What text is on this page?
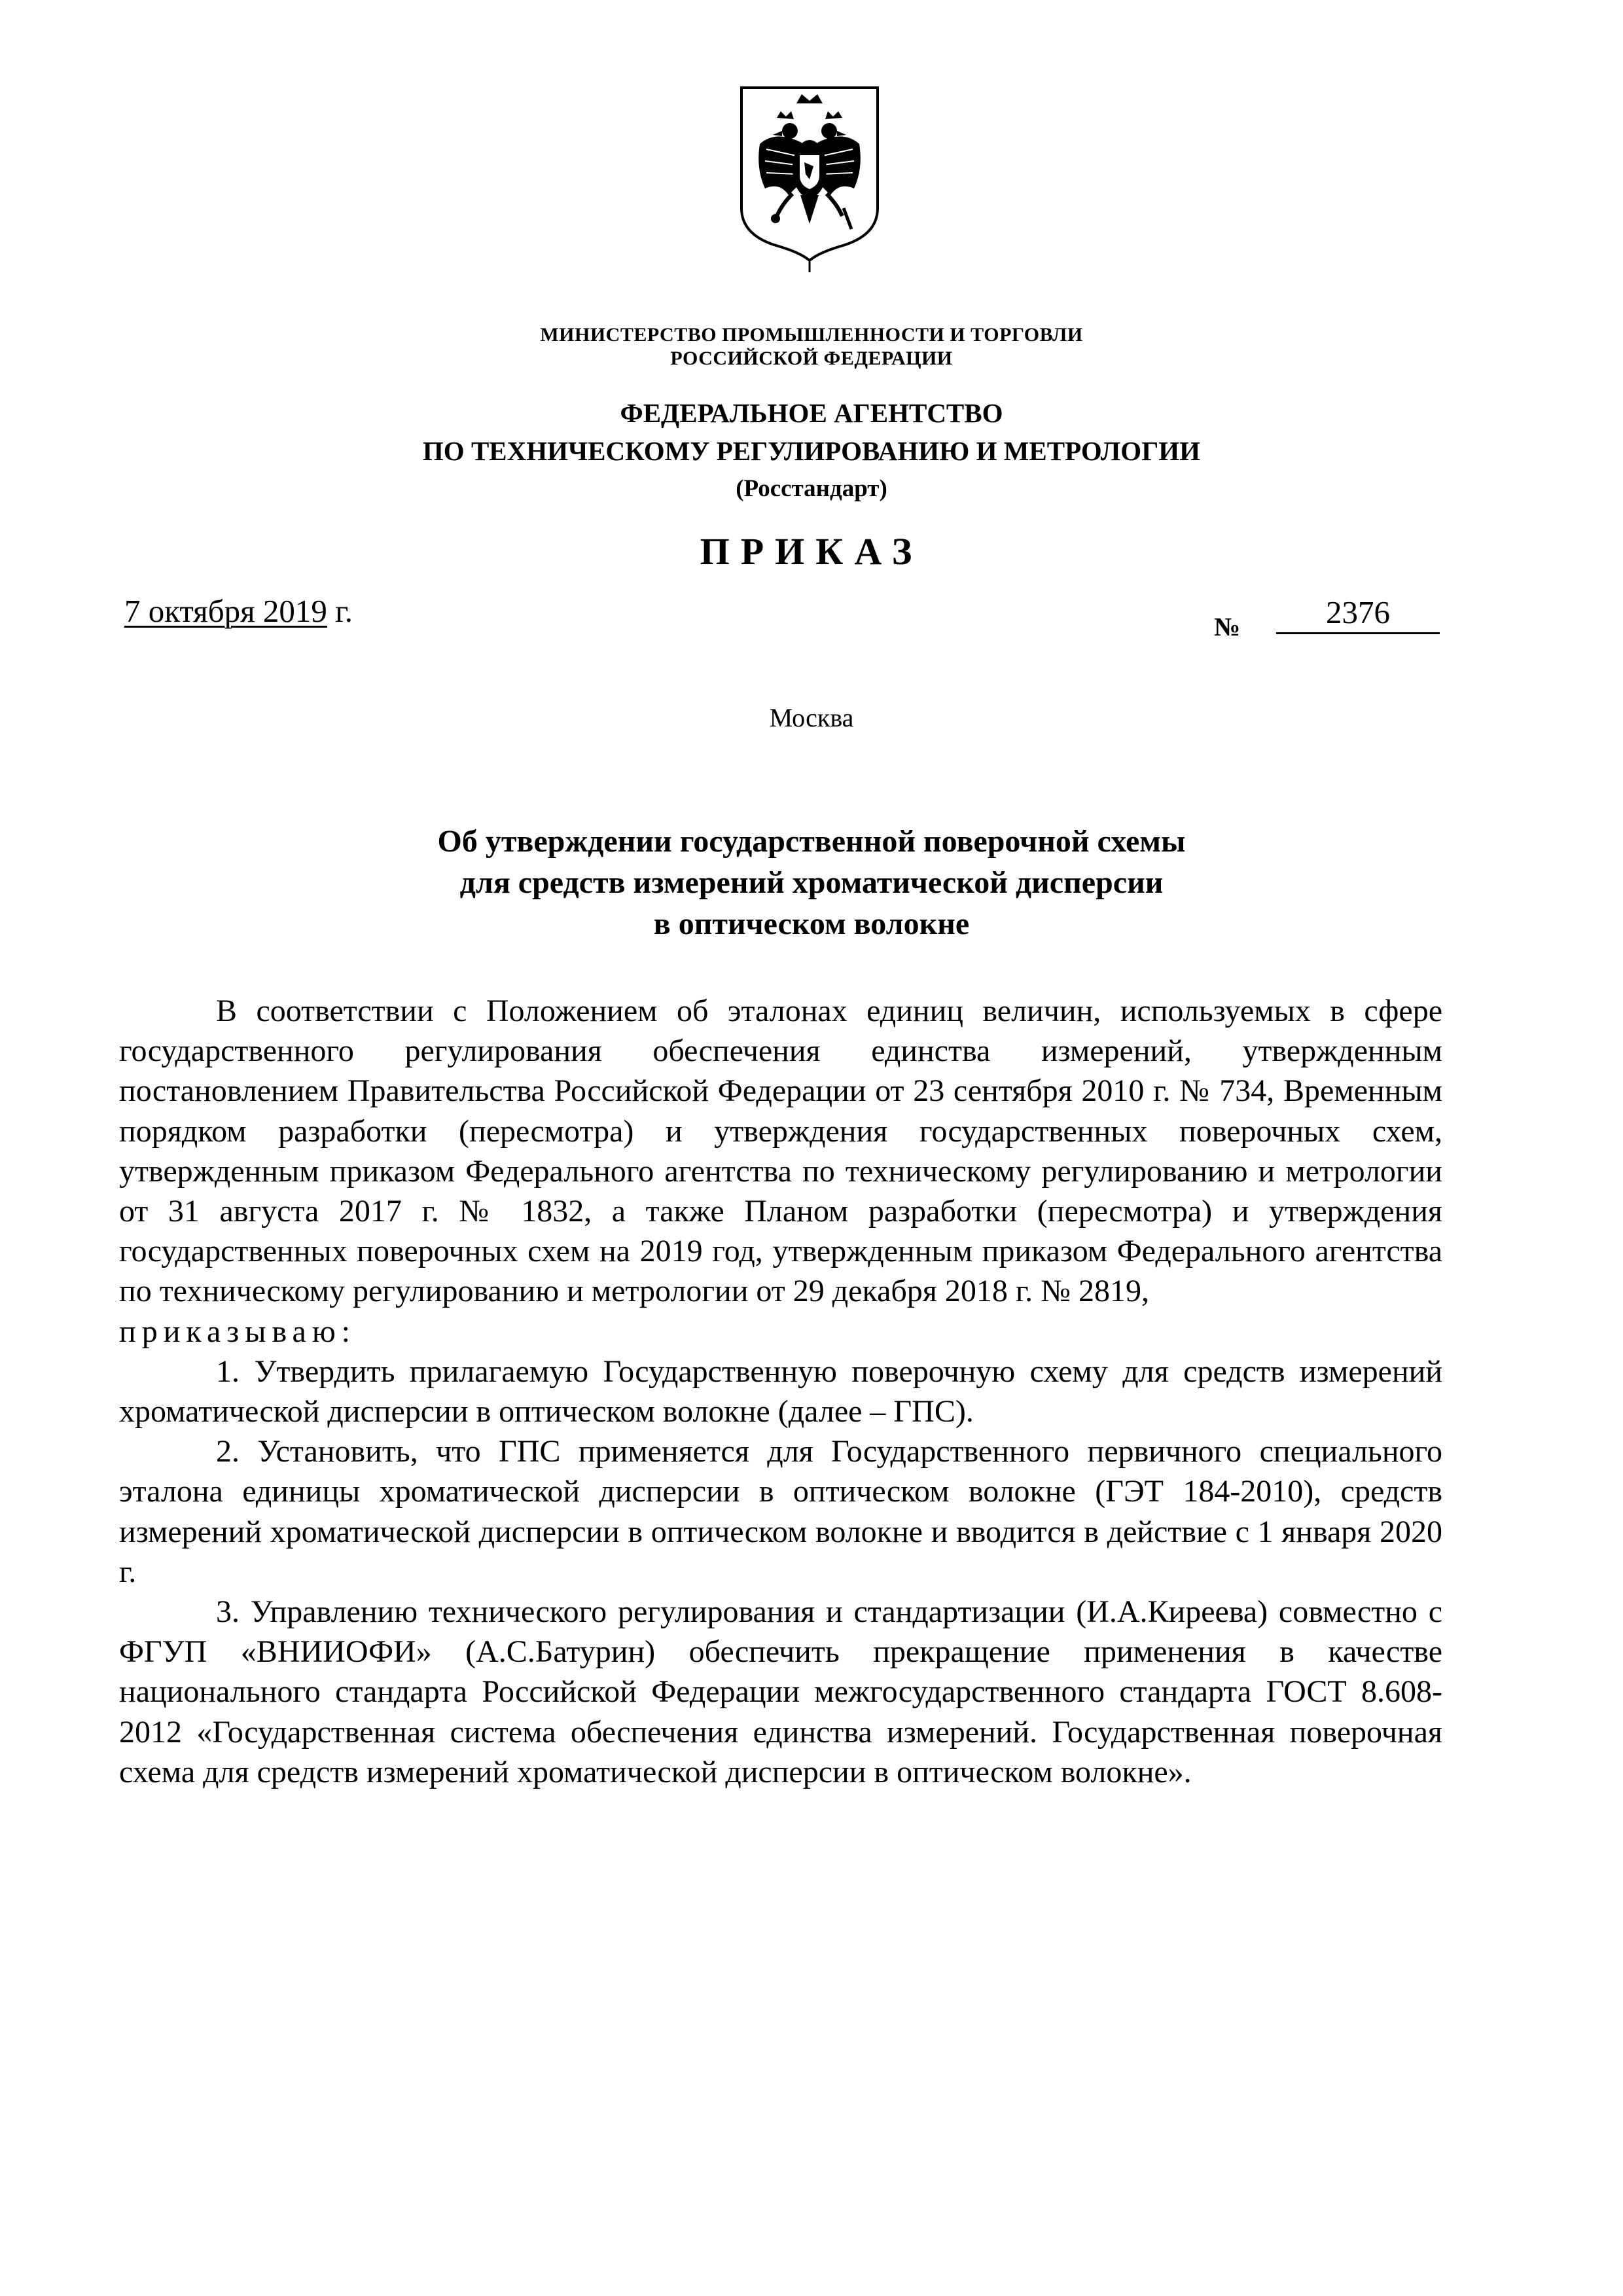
МИНИСТЕРСТВО ПРОМЫШЛЕННОСТИ И ТОРГОВЛИ
РОССИЙСКОЙ ФЕДЕРАЦИИ
ФЕДЕРАЛЬНОЕ АГЕНТСТВО
ПО ТЕХНИЧЕСКОМУ РЕГУЛИРОВАНИЮ И МЕТРОЛОГИИ
(Росстандарт)
ПРИКАЗ
7 октября 2019 г.	№	2376
Москва
Об утверждении государственной поверочной схемы
для средств измерений хроматической дисперсии
в оптическом волокне

В соответствии с Положением об эталонах единиц величин, используемых в сфере государственного регулирования обеспечения единства измерений, утвержденным постановлением Правительства Российской Федерации от 23 сентября 2010 г. № 734, Временным порядком разработки (пересмотра) и утверждения государственных поверочных схем, утвержденным приказом Федерального агентства по техническому регулированию и метрологии от 31 августа 2017 г. № 1832, а также Планом разработки (пересмотра) и утверждения государственных поверочных схем на 2019 год, утвержденным приказом Федерального агентства по техническому регулированию и метрологии от 29 декабря 2018 г. № 2819,

приказываю:

1. Утвердить прилагаемую Государственную поверочную схему для средств измерений хроматической дисперсии в оптическом волокне (далее – ГПС).

2. Установить, что ГПС применяется для Государственного первичного специального эталона единицы хроматической дисперсии в оптическом волокне (ГЭТ 184-2010), средств измерений хроматической дисперсии в оптическом волокне и вводится в действие с 1 января 2020 г.

3. Управлению технического регулирования и стандартизации (И.А.Киреева) совместно с ФГУП «ВНИИОФИ» (А.С.Батурин) обеспечить прекращение применения в качестве национального стандарта Российской Федерации межгосударственного стандарта ГОСТ 8.608-2012 «Государственная система обеспечения единства измерений. Государственная поверочная схема для средств измерений хроматической дисперсии в оптическом волокне».
